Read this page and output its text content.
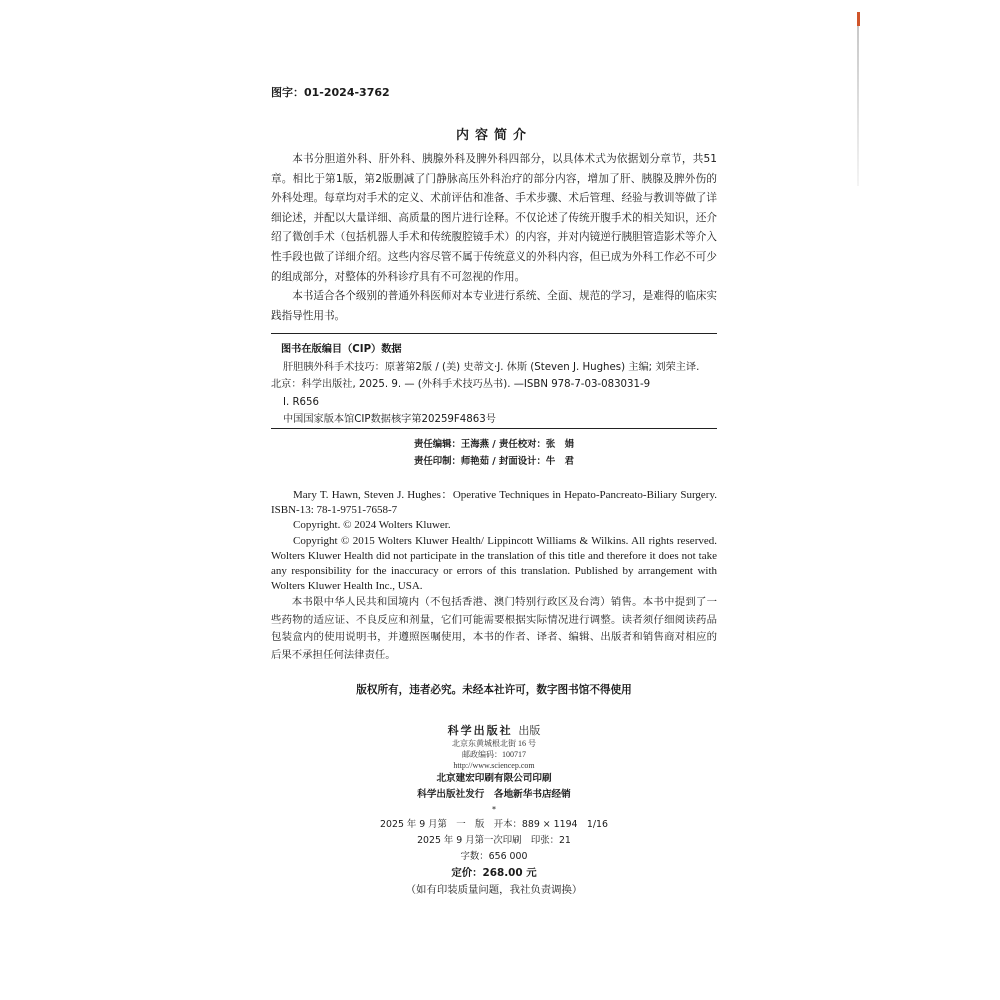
图字：01-2024-3762
内容简介

本书分胆道外科、肝外科、胰腺外科及脾外科四部分，以具体术式为依据划分章节，共51章。相比于第1版，第2版删减了门静脉高压外科治疗的部分内容，增加了肝、胰腺及脾外伤的外科处理。每章均对手术的定义、术前评估和准备、手术步骤、术后管理、经验与教训等做了详细论述，并配以大量详细、高质量的图片进行诠释。不仅论述了传统开腹手术的相关知识，还介绍了微创手术（包括机器人手术和传统腹腔镜手术）的内容，并对内镜逆行胰胆管造影术等介入性手段也做了详细介绍。这些内容尽管不属于传统意义的外科内容，但已成为外科工作必不可少的组成部分，对整体的外科诊疗具有不可忽视的作用。

本书适合各个级别的普通外科医师对本专业进行系统、全面、规范的学习，是难得的临床实践指导性用书。

图书在版编目（CIP）数据
肝胆胰外科手术技巧：原著第2版 / (美) 史蒂文·J. 休斯 (Steven J. Hughes) 主编; 刘荣主译.
北京：科学出版社, 2025. 9. — (外科手术技巧丛书). —ISBN 978-7-03-083031-9
Ⅰ. R656
中国国家版本馆CIP数据核字第20259F4863号
责任编辑：王海燕 / 责任校对：张　娟
责任印制：师艳茹 / 封面设计：牛　君

Mary T. Hawn, Steven J. Hughes：Operative Techniques in Hepato-Pancreato-Biliary Surgery. ISBN-13: 78-1-9751-7658-7

Copyright. © 2024 Wolters Kluwer.

Copyright © 2015 Wolters Kluwer Health/ Lippincott Williams & Wilkins. All rights reserved. Wolters Kluwer Health did not participate in the translation of this title and therefore it does not take any responsibility for the inaccuracy or errors of this translation. Published by arrangement with Wolters Kluwer Health Inc., USA.

本书限中华人民共和国境内（不包括香港、澳门特别行政区及台湾）销售。本书中提到了一些药物的适应证、不良反应和剂量，它们可能需要根据实际情况进行调整。读者须仔细阅读药品包装盒内的使用说明书，并遵照医嘱使用，本书的作者、译者、编辑、出版者和销售商对相应的后果不承担任何法律责任。

版权所有，违者必究。未经本社许可，数字图书馆不得使用
科学出版社 出版
北京东黄城根北街 16 号
邮政编码：100717
http://www.sciencep.com
北京建宏印刷有限公司印刷
科学出版社发行　各地新华书店经销
*
2025 年 9 月第　一　版　开本：889 × 1194　1/16
2025 年 9 月第一次印刷　印张：21
字数：656 000
定价：268.00 元
（如有印装质量问题，我社负责调换）
